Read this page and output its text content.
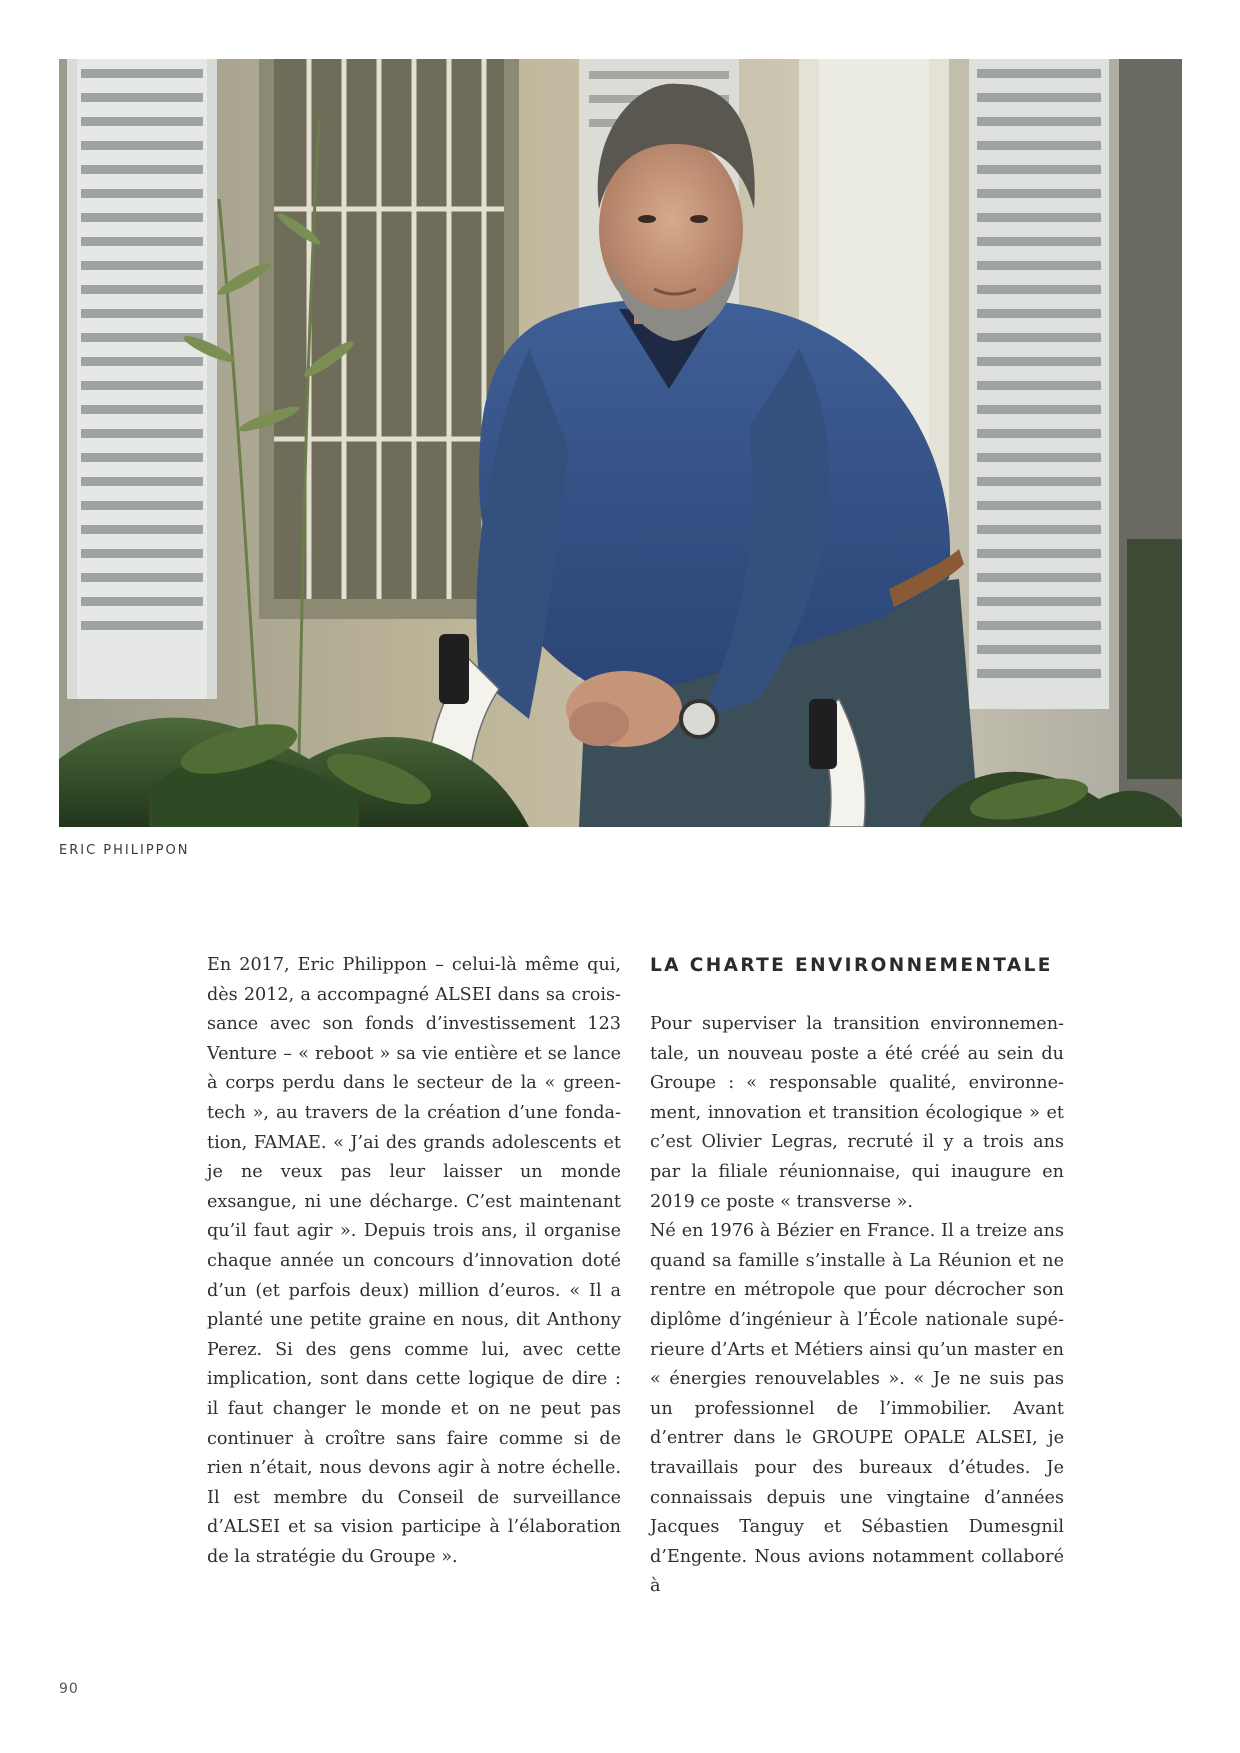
ERIC PHILIPPON

En 2017, Eric Philippon – celui-là même qui, dès 2012, a accompagné ALSEI dans sa croissance avec son fonds d’investissement 123 Venture – « reboot » sa vie entière et se lance à corps perdu dans le secteur de la « greentech », au travers de la création d’une fondation, FAMAE. « J’ai des grands adolescents et je ne veux pas leur laisser un monde exsangue, ni une décharge. C’est maintenant qu’il faut agir ». Depuis trois ans, il organise chaque année un concours d’innovation doté d’un (et parfois deux) million d’euros. « Il a planté une petite graine en nous, dit Anthony Perez. Si des gens comme lui, avec cette implication, sont dans cette logique de dire : il faut changer le monde et on ne peut pas continuer à croître sans faire comme si de rien n’était, nous devons agir à notre échelle. Il est membre du Conseil de surveillance d’ALSEI et sa vision participe à l’élaboration de la stratégie du Groupe ».

LA CHARTE ENVIRONNEMENTALE

Pour superviser la transition environnementale, un nouveau poste a été créé au sein du Groupe : « responsable qualité, environnement, innovation et transition écologique » et c’est Olivier Legras, recruté il y a trois ans par la filiale réunionnaise, qui inaugure en 2019 ce poste « transverse ».

Né en 1976 à Bézier en France. Il a treize ans quand sa famille s’installe à La Réunion et ne rentre en métropole que pour décrocher son diplôme d’ingénieur à l’École nationale supérieure d’Arts et Métiers ainsi qu’un master en « énergies renouvelables ». « Je ne suis pas un professionnel de l’immobilier. Avant d’entrer dans le GROUPE OPALE ALSEI, je travaillais pour des bureaux d’études. Je connaissais depuis une vingtaine d’années Jacques Tanguy et Sébastien Dumesgnil d’Engente. Nous avions notamment collaboré à

90
